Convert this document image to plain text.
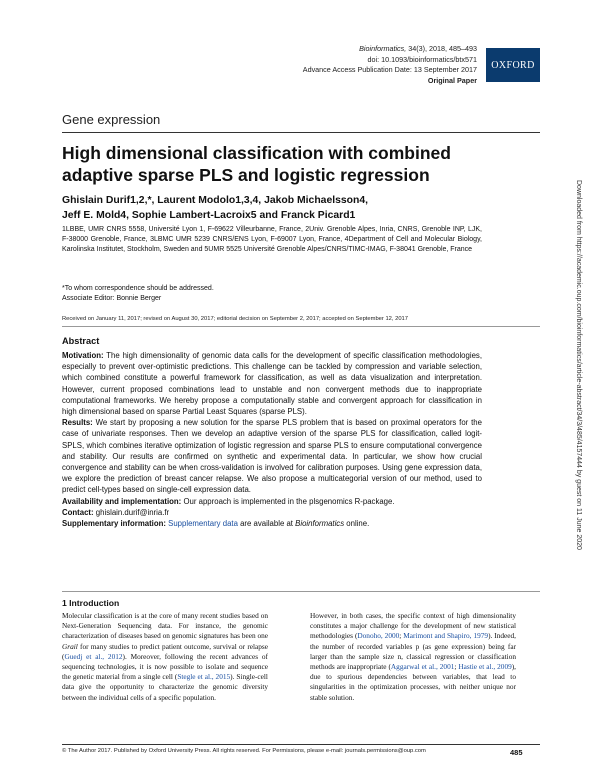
Bioinformatics, 34(3), 2018, 485–493
doi: 10.1093/bioinformatics/btx571
Advance Access Publication Date: 13 September 2017
Original Paper
OXFORD
Gene expression
High dimensional classification with combined adaptive sparse PLS and logistic regression
Ghislain Durif1,2,*, Laurent Modolo1,3,4, Jakob Michaelsson4,
Jeff E. Mold4, Sophie Lambert-Lacroix5 and Franck Picard1
1LBBE, UMR CNRS 5558, Université Lyon 1, F-69622 Villeurbanne, France, 2Univ. Grenoble Alpes, Inria, CNRS, Grenoble INP, LJK, F-38000 Grenoble, France, 3LBMC UMR 5239 CNRS/ENS Lyon, F-69007 Lyon, France, 4Department of Cell and Molecular Biology, Karolinska Institutet, Stockholm, Sweden and 5UMR 5525 Université Grenoble Alpes/CNRS/TIMC-IMAG, F-38041 Grenoble, France
*To whom correspondence should be addressed.
Associate Editor: Bonnie Berger
Received on January 11, 2017; revised on August 30, 2017; editorial decision on September 2, 2017; accepted on September 12, 2017
Abstract

Motivation: The high dimensionality of genomic data calls for the development of specific classification methodologies, especially to prevent over-optimistic predictions. This challenge can be tackled by compression and variable selection, which combined constitute a powerful framework for classification, as well as data visualization and interpretation. However, current proposed combinations lead to unstable and non convergent methods due to inappropriate computational frameworks. We hereby propose a computationally stable and convergent approach for classification in high dimensional based on sparse Partial Least Squares (sparse PLS).

Results: We start by proposing a new solution for the sparse PLS problem that is based on proximal operators for the case of univariate responses. Then we develop an adaptive version of the sparse PLS for classification, called logit-SPLS, which combines iterative optimization of logistic regression and sparse PLS to ensure computational convergence and stability. Our results are confirmed on synthetic and experimental data. In particular, we show how crucial convergence and stability can be when cross-validation is involved for calibration purposes. Using gene expression data, we explore the prediction of breast cancer relapse. We also propose a multicategorial version of our method, used to predict cell-types based on single-cell expression data.

Availability and implementation: Our approach is implemented in the plsgenomics R-package.

Contact: ghislain.durif@inria.fr

Supplementary information: Supplementary data are available at Bioinformatics online.

1 Introduction

Molecular classification is at the core of many recent studies based on Next-Generation Sequencing data. For instance, the genomic characterization of diseases based on genomic signatures has been one Grail for many studies to predict patient outcome, survival or relapse (Guedj et al., 2012). Moreover, following the recent advances of sequencing technologies, it is now possible to isolate and sequence the genetic material from a single cell (Stegle et al., 2015). Single-cell data give the opportunity to characterize the genomic diversity between the individual cells of a specific population.

However, in both cases, the specific context of high dimensionality constitutes a major challenge for the development of new statistical methodologies (Donoho, 2000; Marimont and Shapiro, 1979). Indeed, the number of recorded variables p (as gene expression) being far larger than the sample size n, classical regression or classification methods are inappropriate (Aggarwal et al., 2001; Hastie et al., 2009), due to spurious dependencies between variables, that lead to singularities in the optimization processes, with neither unique nor stable solution.

© The Author 2017. Published by Oxford University Press. All rights reserved. For Permissions, please e-mail: journals.permissions@oup.com	485
Downloaded from https://academic.oup.com/bioinformatics/article-abstract/34/3/485/4157444 by guest on 11 June 2020
